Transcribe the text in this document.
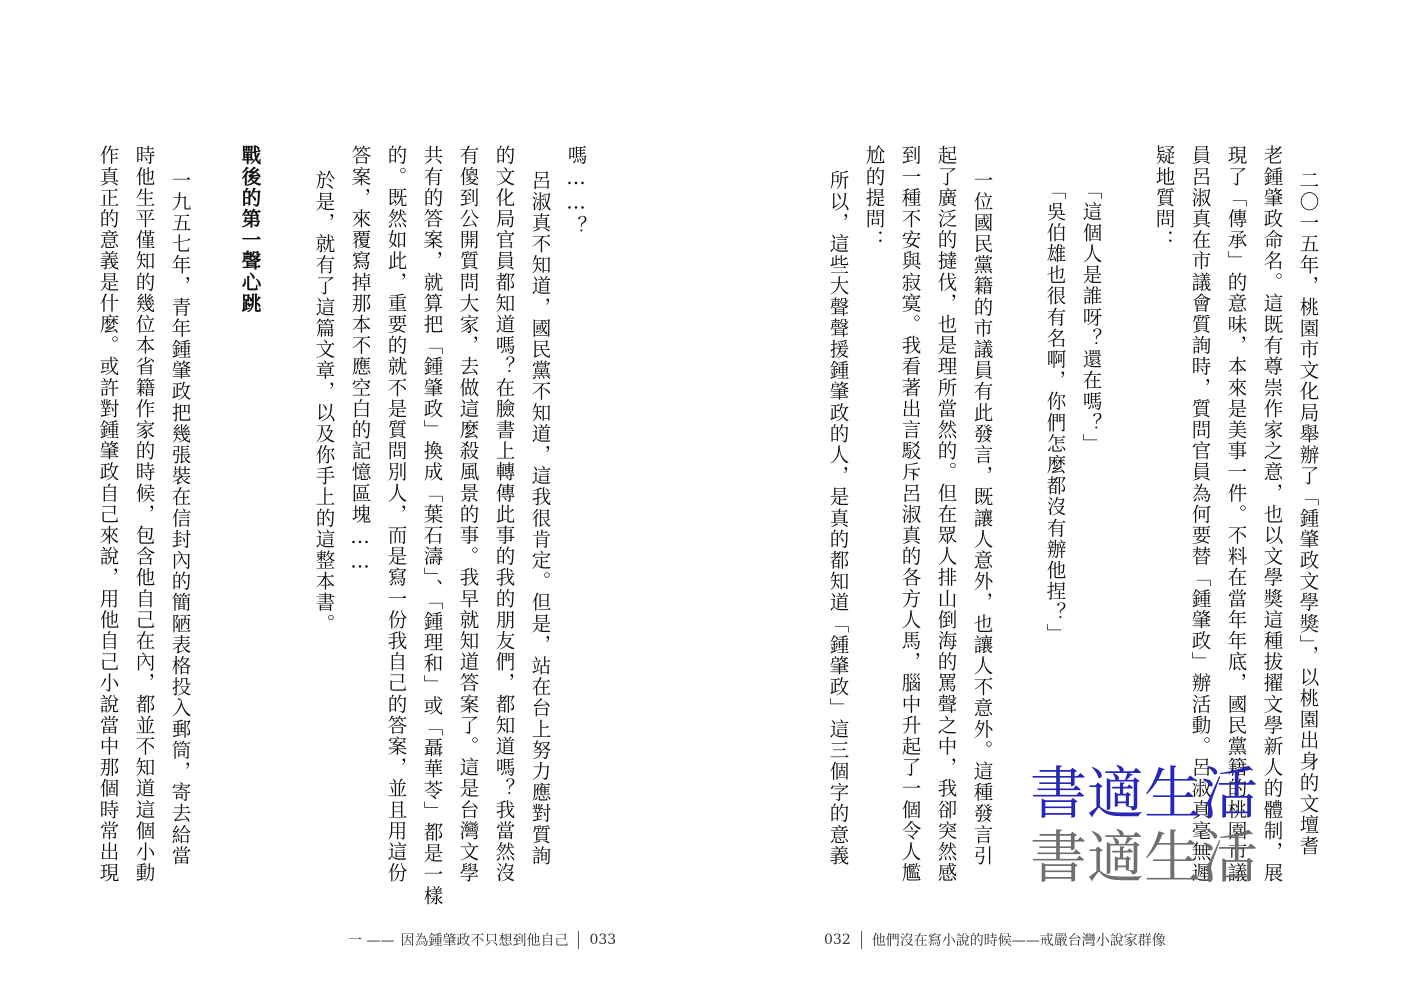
嗎……？
呂淑真不知道，國民黨不知道，這我很肯定。但是，站在台上努力應對質詢
的文化局官員都知道嗎？在臉書上轉傳此事的我的朋友們，都知道嗎？我當然沒
有傻到公開質問大家，去做這麼殺風景的事。我早就知道答案了。這是台灣文學
共有的答案，就算把「鍾肇政」換成「葉石濤」、「鍾理和」或「聶華苓」都是一樣
的。既然如此，重要的就不是質問別人，而是寫一份我自己的答案，並且用這份
答案，來覆寫掉那本不應空白的記憶區塊……
於是，就有了這篇文章，以及你手上的這整本書。
戰後的第一聲心跳
一九五七年，青年鍾肇政把幾張裝在信封內的簡陋表格投入郵筒，寄去給當
時他生平僅知的幾位本省籍作家的時候，包含他自己在內，都並不知道這個小動
作真正的意義是什麼。或許對鍾肇政自己來說，用他自己小說當中那個時常出現
一 —— 因為鍾肇政不只想到他自己 033
二〇一五年，桃園市文化局舉辦了「鍾肇政文學獎」，以桃園出身的文壇耆
老鍾肇政命名。這既有尊崇作家之意，也以文學獎這種拔擢文學新人的體制，展
現了「傳承」的意味，本來是美事一件。不料在當年年底，國民黨籍的桃園市議
員呂淑真在市議會質詢時，質問官員為何要替「鍾肇政」辦活動。呂淑真毫無遲
疑地質問：
「這個人是誰呀？還在嗎？」
「吳伯雄也很有名啊，你們怎麼都沒有辦他捏？」
一位國民黨籍的市議員有此發言，既讓人意外，也讓人不意外。這種發言引
起了廣泛的撻伐，也是理所當然的。但在眾人排山倒海的罵聲之中，我卻突然感
到一種不安與寂寞。我看著出言駁斥呂淑真的各方人馬，腦中升起了一個令人尷
尬的提問：
所以，這些大聲聲援鍾肇政的人，是真的都知道「鍾肇政」這三個字的意義
032 他們沒在寫小說的時候——戒嚴台灣小說家群像
書適生活
書適生活
